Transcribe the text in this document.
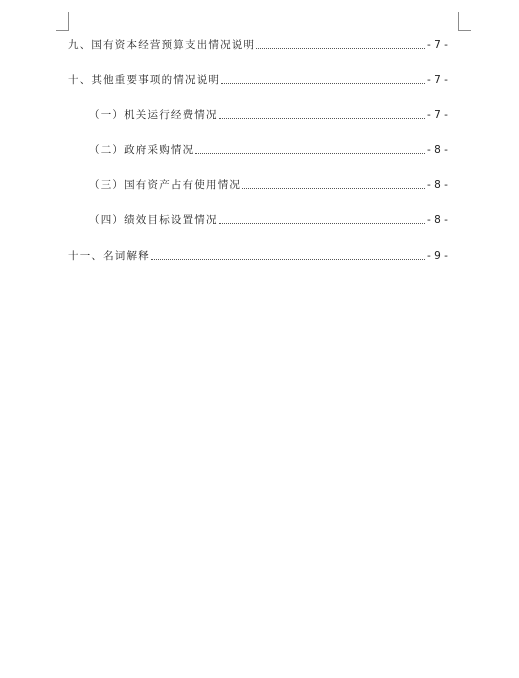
九、国有资本经营预算支出情况说明	- 7 -
十、其他重要事项的情况说明	- 7 -
（一）机关运行经费情况	- 7 -
（二）政府采购情况	- 8 -
（三）国有资产占有使用情况	- 8 -
（四）绩效目标设置情况	- 8 -
十一、名词解释	- 9 -
